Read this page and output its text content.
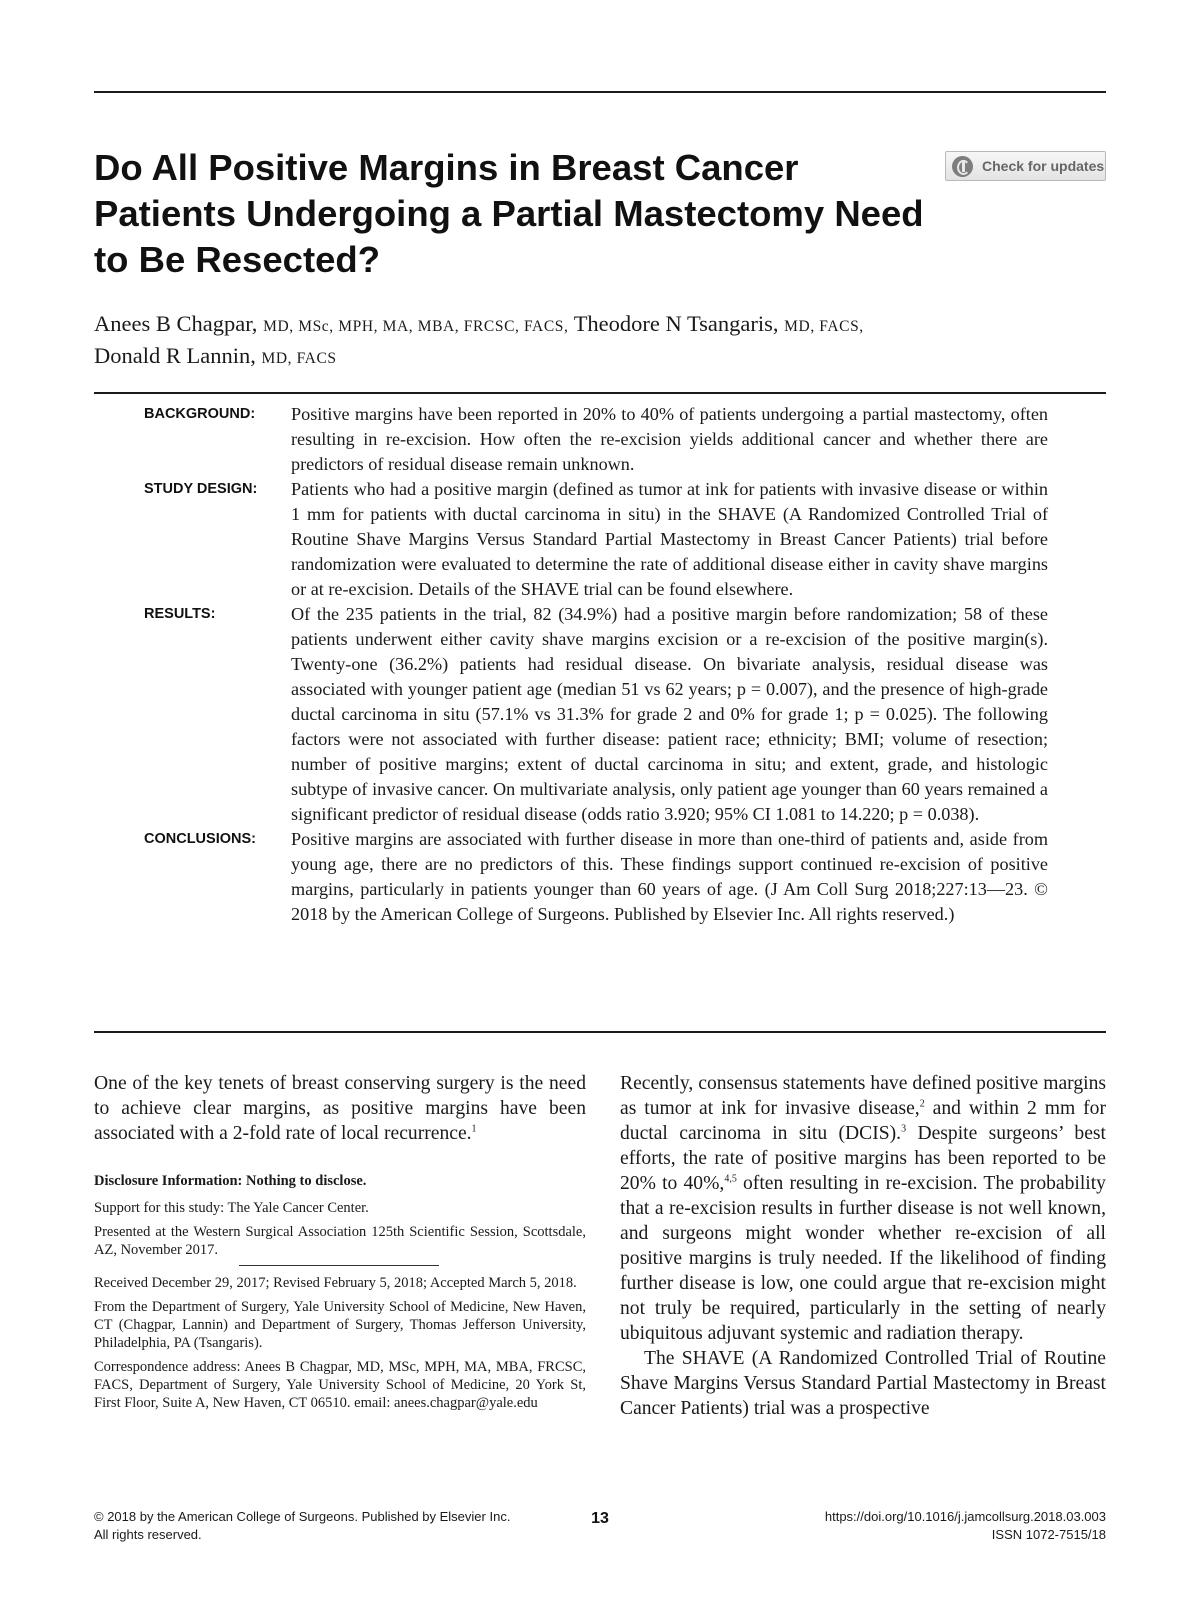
Do All Positive Margins in Breast Cancer Patients Undergoing a Partial Mastectomy Need to Be Resected?
Check for updates

Anees B Chagpar, MD, MSc, MPH, MA, MBA, FRCSC, FACS, Theodore N Tsangaris, MD, FACS,
Donald R Lannin, MD, FACS

BACKGROUND:	Positive margins have been reported in 20% to 40% of patients undergoing a partial mastectomy, often resulting in re-excision. How often the re-excision yields additional cancer and whether there are predictors of residual disease remain unknown.

STUDY DESIGN:	Patients who had a positive margin (defined as tumor at ink for patients with invasive disease or within 1 mm for patients with ductal carcinoma in situ) in the SHAVE (A Randomized Controlled Trial of Routine Shave Margins Versus Standard Partial Mastectomy in Breast Cancer Patients) trial before randomization were evaluated to determine the rate of additional disease either in cavity shave margins or at re-excision. Details of the SHAVE trial can be found elsewhere.

RESULTS:	Of the 235 patients in the trial, 82 (34.9%) had a positive margin before randomization; 58 of these patients underwent either cavity shave margins excision or a re-excision of the positive margin(s). Twenty-one (36.2%) patients had residual disease. On bivariate analysis, residual disease was associated with younger patient age (median 51 vs 62 years; p = 0.007), and the presence of high-grade ductal carcinoma in situ (57.1% vs 31.3% for grade 2 and 0% for grade 1; p = 0.025). The following factors were not associated with further disease: patient race; ethnicity; BMI; volume of resection; number of positive margins; extent of ductal carcinoma in situ; and extent, grade, and histologic subtype of invasive cancer. On multivariate analysis, only patient age younger than 60 years remained a significant predictor of residual disease (odds ratio 3.920; 95% CI 1.081 to 14.220; p = 0.038).

CONCLUSIONS:	Positive margins are associated with further disease in more than one-third of patients and, aside from young age, there are no predictors of this. These findings support continued re-excision of positive margins, particularly in patients younger than 60 years of age. (J Am Coll Surg 2018;227:13—23. © 2018 by the American College of Surgeons. Published by Elsevier Inc. All rights reserved.)

One of the key tenets of breast conserving surgery is the need to achieve clear margins, as positive margins have been associated with a 2-fold rate of local recurrence.$^1$

Disclosure Information: Nothing to disclose.

Support for this study: The Yale Cancer Center.

Presented at the Western Surgical Association 125th Scientific Session, Scottsdale, AZ, November 2017.

Received December 29, 2017; Revised February 5, 2018; Accepted March 5, 2018.

From the Department of Surgery, Yale University School of Medicine, New Haven, CT (Chagpar, Lannin) and Department of Surgery, Thomas Jefferson University, Philadelphia, PA (Tsangaris).

Correspondence address: Anees B Chagpar, MD, MSc, MPH, MA, MBA, FRCSC, FACS, Department of Surgery, Yale University School of Medicine, 20 York St, First Floor, Suite A, New Haven, CT 06510. email: anees.chagpar@yale.edu

Recently, consensus statements have defined positive margins as tumor at ink for invasive disease,$^2$ and within 2 mm for ductal carcinoma in situ (DCIS).$^3$ Despite surgeons’ best efforts, the rate of positive margins has been reported to be 20% to 40%,$^{4,5}$ often resulting in re-excision. The probability that a re-excision results in further disease is not well known, and surgeons might wonder whether re-excision of all positive margins is truly needed. If the likelihood of finding further disease is low, one could argue that re-excision might not truly be required, particularly in the setting of nearly ubiquitous adjuvant systemic and radiation therapy.

The SHAVE (A Randomized Controlled Trial of Routine Shave Margins Versus Standard Partial Mastectomy in Breast Cancer Patients) trial was a prospective

© 2018 by the American College of Surgeons. Published by Elsevier Inc.
All rights reserved.
13	https://doi.org/10.1016/j.jamcollsurg.2018.03.003
ISSN 1072-7515/18
